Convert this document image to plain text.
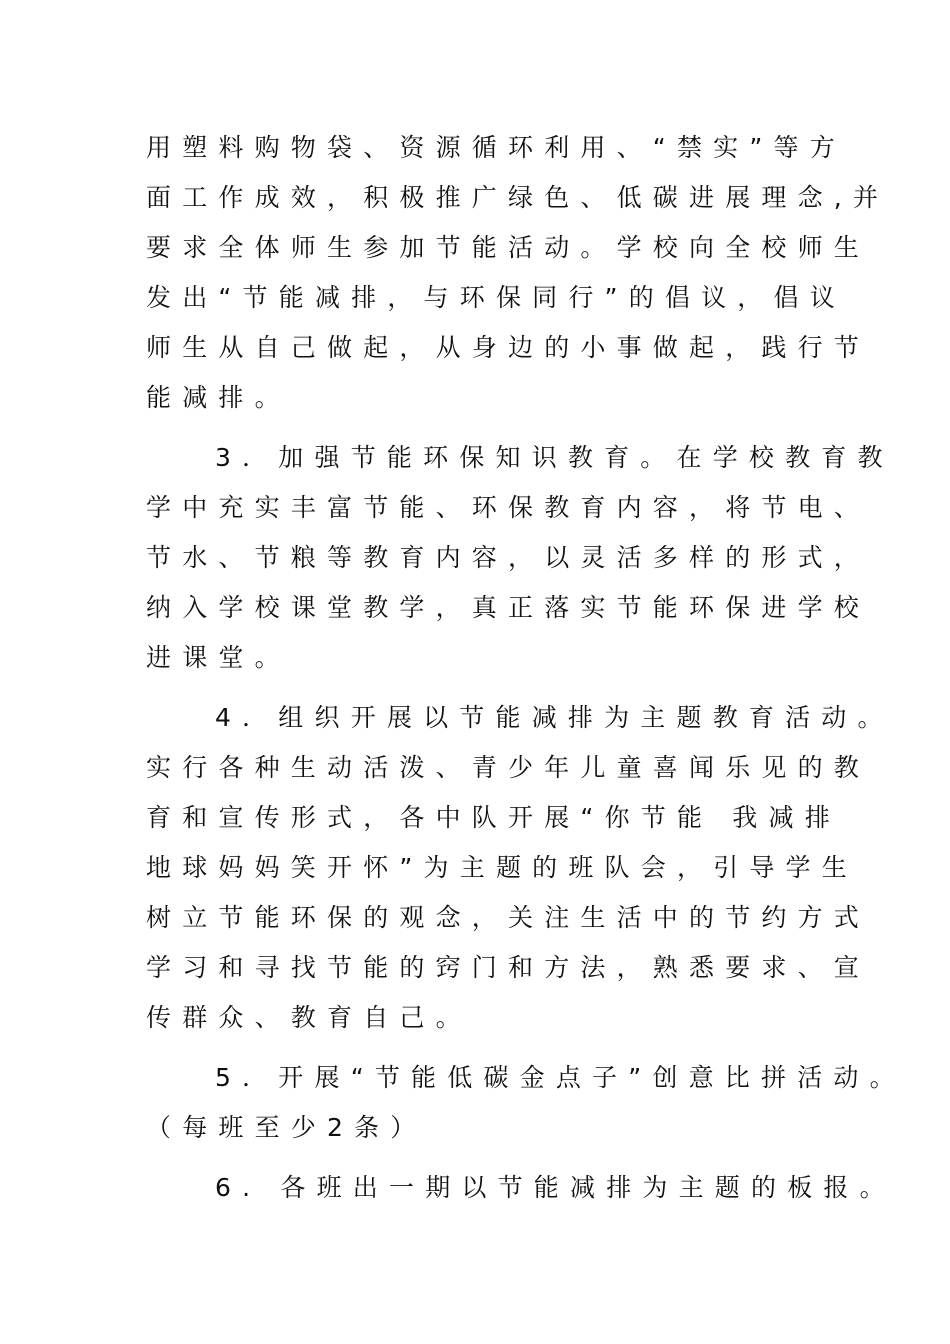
用塑料购物袋、资源循环利用、“禁实”等方
面工作成效，积极推广绿色、低碳进展理念,并
要求全体师生参加节能活动。学校向全校师生
发出“节能减排，与环保同行”的倡议，倡议
师生从自己做起，从身边的小事做起，践行节
能减排。
3．加强节能环保知识教育。在学校教育教
学中充实丰富节能、环保教育内容，将节电、
节水、节粮等教育内容，以灵活多样的形式，
纳入学校课堂教学，真正落实节能环保进学校
进课堂。
4．组织开展以节能减排为主题教育活动。
实行各种生动活泼、青少年儿童喜闻乐见的教
育和宣传形式，各中队开展“你节能 我减排
地球妈妈笑开怀”为主题的班队会，引导学生
树立节能环保的观念，关注生活中的节约方式
学习和寻找节能的窍门和方法，熟悉要求、宣
传群众、教育自己。
5．开展“节能低碳金点子”创意比拼活动。
（每班至少2条）
6. 各班出一期以节能减排为主题的板报。
